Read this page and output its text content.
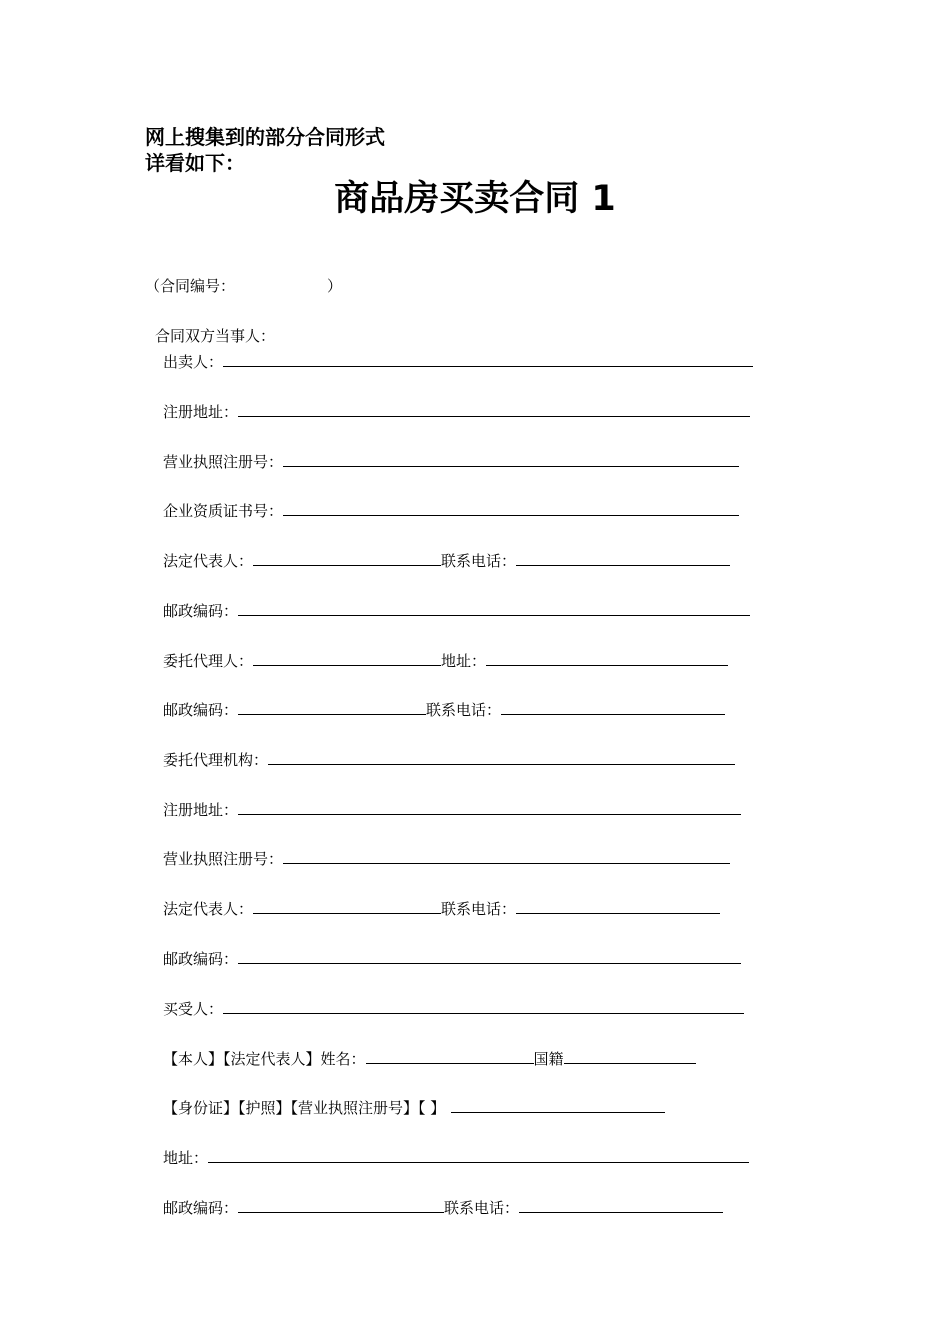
网上搜集到的部分合同形式
详看如下：
商品房买卖合同 1
（合同编号：	）
合同双方当事人：
出卖人：
注册地址：
营业执照注册号：
企业资质证书号：
法定代表人：	联系电话：
邮政编码：
委托代理人：	地址：
邮政编码：	联系电话：
委托代理机构：
注册地址：
营业执照注册号：
法定代表人：	联系电话：
邮政编码：
买受人：
【本人】【法定代表人】姓名：	国籍
【身份证】【护照】【营业执照注册号】【 】
地址：
邮政编码：	联系电话：
